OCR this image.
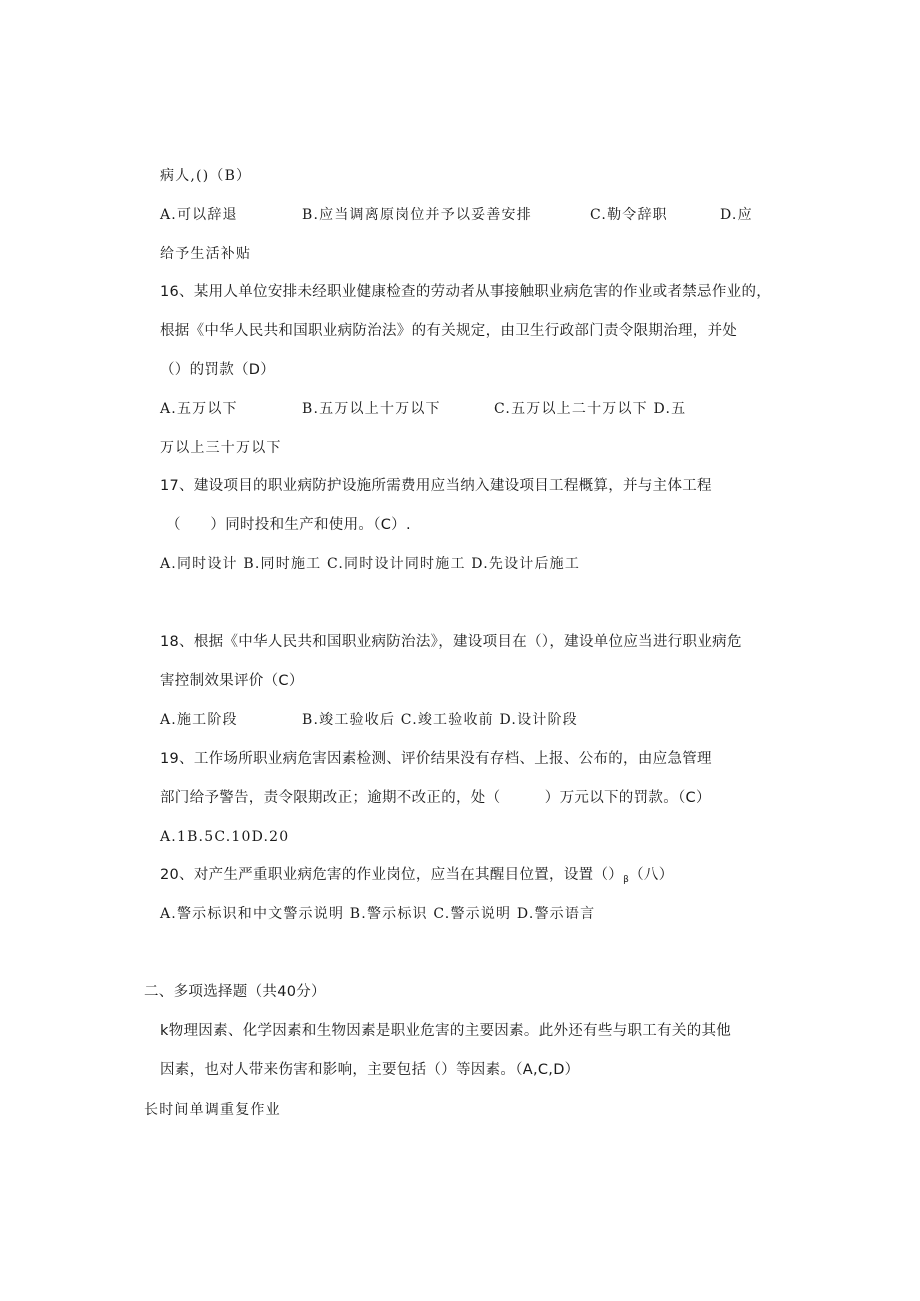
病人,()（B）
A.可以辞退	B.应当调离原岗位并予以妥善安排	C.勒令辞职	D.应
给予生活补贴
16、某用人单位安排未经职业健康检查的劳动者从事接触职业病危害的作业或者禁忌作业的，
根据《中华人民共和国职业病防治法》的有关规定，由卫生行政部门责令限期治理，并处
（）的罚款（D）
A.五万以下	B.五万以上十万以下	C.五万以上二十万以下 D.五
万以上三十万以下
17、建设项目的职业病防护设施所需费用应当纳入建设项目工程概算，并与主体工程
（　　）同时投和生产和使用。（C）.
A.同时设计 B.同时施工 C.同时设计同时施工 D.先设计后施工
18、根据《中华人民共和国职业病防治法》，建设项目在（），建设单位应当进行职业病危
害控制效果评价（C）
A.施工阶段	B.竣工验收后 C.竣工验收前 D.设计阶段
19、工作场所职业病危害因素检测、评价结果没有存档、上报、公布的，由应急管理
部门给予警告，责令限期改正；逾期不改正的，处（　　　）万元以下的罚款。（C）
A.1B.5C.10D.20
20、对产生严重职业病危害的作业岗位，应当在其醒目位置，设置$()_\beta$（八）
A.警示标识和中文警示说明 B.警示标识 C.警示说明 D.警示语言
二、多项选择题（共40分）
k物理因素、化学因素和生物因素是职业危害的主要因素。此外还有些与职工有关的其他
因素，也对人带来伤害和影响，主要包括（）等因素。（A,C,D）
长时间单调重复作业
